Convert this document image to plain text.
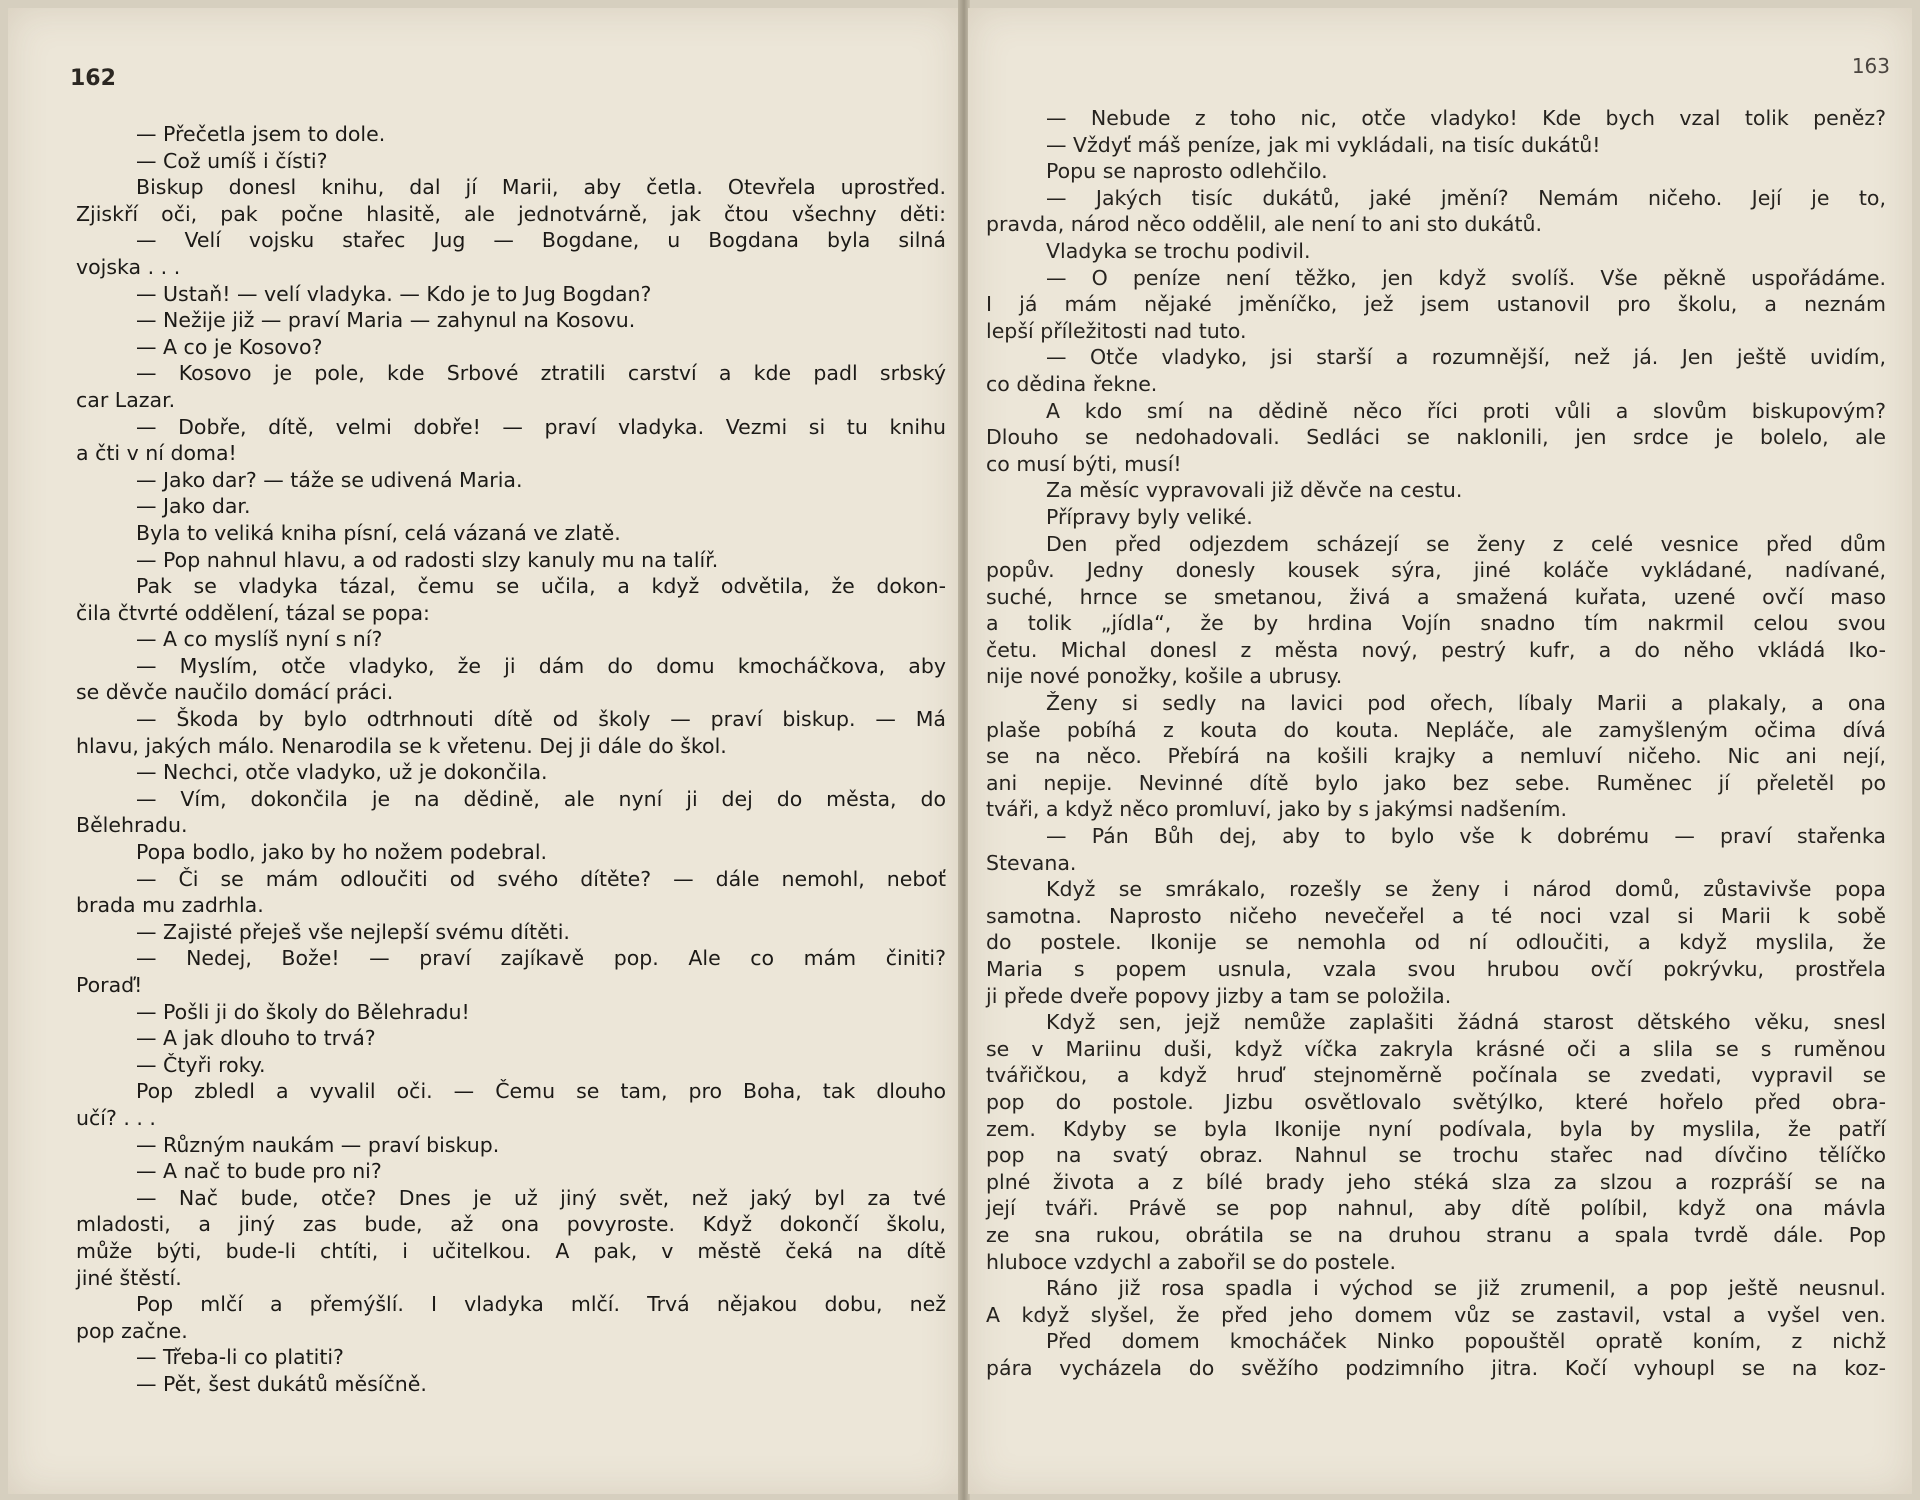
162
— Přečetla jsem to dole.
— Což umíš i čísti?
Biskup donesl knihu, dal jí Marii, aby četla. Otevřela uprostřed.
Zjiskří oči, pak počne hlasitě, ale jednotvárně, jak čtou všechny děti:
— Velí vojsku stařec Jug — Bogdane, u Bogdana byla silná
vojska . . .
— Ustaň! — velí vladyka. — Kdo je to Jug Bogdan?
— Nežije již — praví Maria — zahynul na Kosovu.
— A co je Kosovo?
— Kosovo je pole, kde Srbové ztratili carství a kde padl srbský
car Lazar.
— Dobře, dítě, velmi dobře! — praví vladyka. Vezmi si tu knihu
a čti v ní doma!
— Jako dar? — táže se udivená Maria.
— Jako dar.
Byla to veliká kniha písní, celá vázaná ve zlatě.
— Pop nahnul hlavu, a od radosti slzy kanuly mu na talíř.
Pak se vladyka tázal, čemu se učila, a když odvětila, že dokon-
čila čtvrté oddělení, tázal se popa:
— A co myslíš nyní s ní?
— Myslím, otče vladyko, že ji dám do domu kmocháčkova, aby
se děvče naučilo domácí práci.
— Škoda by bylo odtrhnouti dítě od školy — praví biskup. — Má
hlavu, jakých málo. Nenarodila se k vřetenu. Dej ji dále do škol.
— Nechci, otče vladyko, už je dokončila.
— Vím, dokončila je na dědině, ale nyní ji dej do města, do
Bělehradu.
Popa bodlo, jako by ho nožem podebral.
— Či se mám odloučiti od svého dítěte? — dále nemohl, neboť
brada mu zadrhla.
— Zajisté přeješ vše nejlepší svému dítěti.
— Nedej, Bože! — praví zajíkavě pop. Ale co mám činiti?
Poraď!
— Pošli ji do školy do Bělehradu!
— A jak dlouho to trvá?
— Čtyři roky.
Pop zbledl a vyvalil oči. — Čemu se tam, pro Boha, tak dlouho
učí? . . .
— Různým naukám — praví biskup.
— A nač to bude pro ni?
— Nač bude, otče? Dnes je už jiný svět, než jaký byl za tvé
mladosti, a jiný zas bude, až ona povyroste. Když dokončí školu,
může býti, bude-li chtíti, i učitelkou. A pak, v městě čeká na dítě
jiné štěstí.
Pop mlčí a přemýšlí. I vladyka mlčí. Trvá nějakou dobu, než
pop začne.
— Třeba-li co platiti?
— Pět, šest dukátů měsíčně.
163
— Nebude z toho nic, otče vladyko! Kde bych vzal tolik peněz?
— Vždyť máš peníze, jak mi vykládali, na tisíc dukátů!
Popu se naprosto odlehčilo.
— Jakých tisíc dukátů, jaké jmění? Nemám ničeho. Její je to,
pravda, národ něco oddělil, ale není to ani sto dukátů.
Vladyka se trochu podivil.
— O peníze není těžko, jen když svolíš. Vše pěkně uspořádáme.
I já mám nějaké jměníčko, jež jsem ustanovil pro školu, a neznám
lepší příležitosti nad tuto.
— Otče vladyko, jsi starší a rozumnější, než já. Jen ještě uvidím,
co dědina řekne.
A kdo smí na dědině něco říci proti vůli a slovům biskupovým?
Dlouho se nedohadovali. Sedláci se naklonili, jen srdce je bolelo, ale
co musí býti, musí!
Za měsíc vypravovali již děvče na cestu.
Přípravy byly veliké.
Den před odjezdem scházejí se ženy z celé vesnice před dům
popův. Jedny donesly kousek sýra, jiné koláče vykládané, nadívané,
suché, hrnce se smetanou, živá a smažená kuřata, uzené ovčí maso
a tolik „jídla“, že by hrdina Vojín snadno tím nakrmil celou svou
četu. Michal donesl z města nový, pestrý kufr, a do něho vkládá Iko-
nije nové ponožky, košile a ubrusy.
Ženy si sedly na lavici pod ořech, líbaly Marii a plakaly, a ona
plaše pobíhá z kouta do kouta. Nepláče, ale zamyšleným očima dívá
se na něco. Přebírá na košili krajky a nemluví ničeho. Nic ani nejí,
ani nepije. Nevinné dítě bylo jako bez sebe. Ruměnec jí přeletěl po
tváři, a když něco promluví, jako by s jakýmsi nadšením.
— Pán Bůh dej, aby to bylo vše k dobrému — praví stařenka
Stevana.
Když se smrákalo, rozešly se ženy i národ domů, zůstavivše popa
samotna. Naprosto ničeho nevečeřel a té noci vzal si Marii k sobě
do postele. Ikonije se nemohla od ní odloučiti, a když myslila, že
Maria s popem usnula, vzala svou hrubou ovčí pokrývku, prostřela
ji přede dveře popovy jizby a tam se položila.
Když sen, jejž nemůže zaplašiti žádná starost dětského věku, snesl
se v Mariinu duši, když víčka zakryla krásné oči a slila se s ruměnou
tvářičkou, a když hruď stejnoměrně počínala se zvedati, vypravil se
pop do postole. Jizbu osvětlovalo světýlko, které hořelo před obra-
zem. Kdyby se byla Ikonije nyní podívala, byla by myslila, že patří
pop na svatý obraz. Nahnul se trochu stařec nad dívčino tělíčko
plné života a z bílé brady jeho stéká slza za slzou a rozpráší se na
její tváři. Právě se pop nahnul, aby dítě políbil, když ona mávla
ze sna rukou, obrátila se na druhou stranu a spala tvrdě dále. Pop
hluboce vzdychl a zabořil se do postele.
Ráno již rosa spadla i východ se již zrumenil, a pop ještě neusnul.
A když slyšel, že před jeho domem vůz se zastavil, vstal a vyšel ven.
Před domem kmocháček Ninko popouštěl opratě koním, z nichž
pára vycházela do svěžího podzimního jitra. Kočí vyhoupl se na koz-
